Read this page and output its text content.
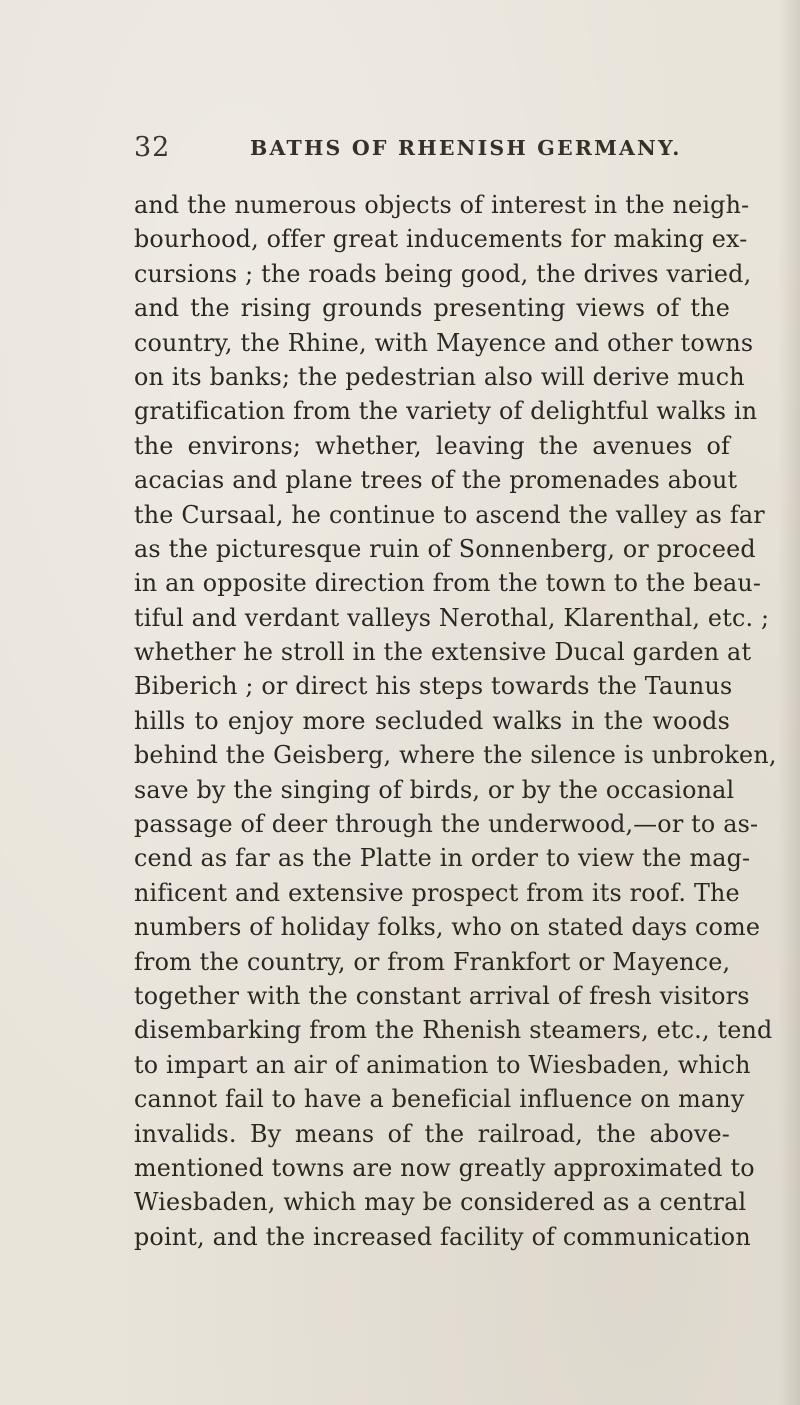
32	BATHS OF RHENISH GERMANY.
and the numerous objects of interest in the neigh-
bourhood, offer great inducements for making ex-
cursions ; the roads being good, the drives varied,
and the rising grounds presenting views of the
country, the Rhine, with Mayence and other towns
on its banks; the pedestrian also will derive much
gratification from the variety of delightful walks in
the environs; whether, leaving the avenues of
acacias and plane trees of the promenades about
the Cursaal, he continue to ascend the valley as far
as the picturesque ruin of Sonnenberg, or proceed
in an opposite direction from the town to the beau-
tiful and verdant valleys Nerothal, Klarenthal, etc. ;
whether he stroll in the extensive Ducal garden at
Biberich ; or direct his steps towards the Taunus
hills to enjoy more secluded walks in the woods
behind the Geisberg, where the silence is unbroken,
save by the singing of birds, or by the occasional
passage of deer through the underwood,—or to as-
cend as far as the Platte in order to view the mag-
nificent and extensive prospect from its roof. The
numbers of holiday folks, who on stated days come
from the country, or from Frankfort or Mayence,
together with the constant arrival of fresh visitors
disembarking from the Rhenish steamers, etc., tend
to impart an air of animation to Wiesbaden, which
cannot fail to have a beneficial influence on many
invalids. By means of the railroad, the above-
mentioned towns are now greatly approximated to
Wiesbaden, which may be considered as a central
point, and the increased facility of communication
